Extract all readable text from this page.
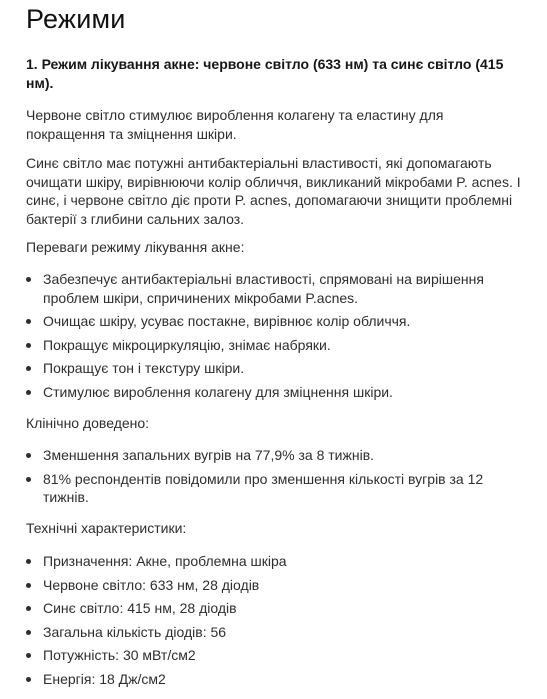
Режими

1. Режим лікування акне: червоне світло (633 нм) та синє світло (415 нм).

Червоне світло стимулює вироблення колагену та еластину для покращення та зміцнення шкіри.

Синє світло має потужні антибактеріальні властивості, які допомагають очищати шкіру, вирівнюючи колір обличчя, викликаний мікробами P. acnes. І синє, і червоне світло діє проти P. acnes, допомагаючи знищити проблемні бактерії з глибини сальних залоз.

Переваги режиму лікування акне:

Забезпечує антибактеріальні властивості, спрямовані на вирішення проблем шкіри, спричинених мікробами P.acnes.
Очищає шкіру, усуває постакне, вирівнює колір обличчя.
Покращує мікроциркуляцію, знімає набряки.
Покращує тон і текстуру шкіри.
Стимулює вироблення колагену для зміцнення шкіри.

Клінічно доведено:

Зменшення запальних вугрів на 77,9% за 8 тижнів.
81% респондентів повідомили про зменшення кількості вугрів за 12 тижнів.

Технічні характеристики:

Призначення: Акне, проблемна шкіра
Червоне світло: 633 нм, 28 діодів
Синє світло: 415 нм, 28 діодів
Загальна кількість діодів: 56
Потужність: 30 мВт/см2
Енергія: 18 Дж/см2
